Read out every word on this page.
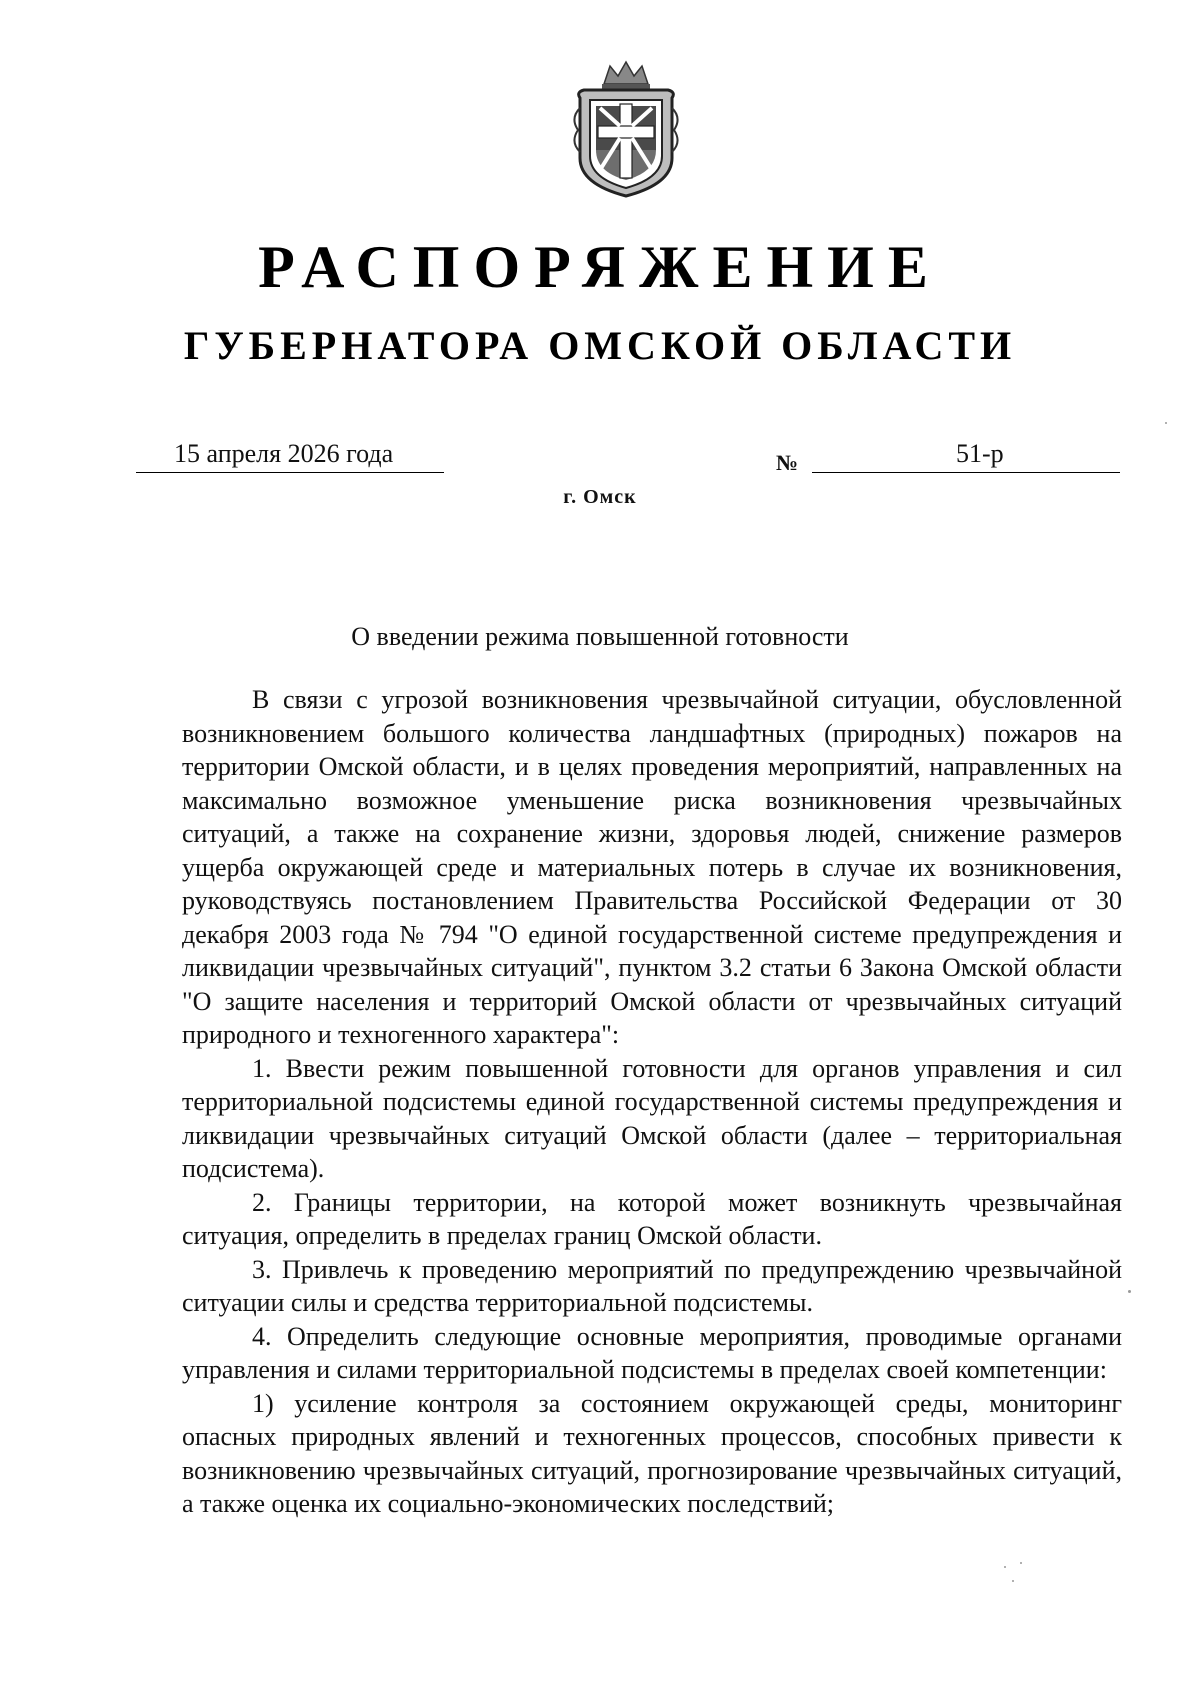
РАСПОРЯЖЕНИЕ
ГУБЕРНАТОРА ОМСКОЙ ОБЛАСТИ
15 апреля 2026 года	№	51-р
г. Омск
О введении режима повышенной готовности

В связи с угрозой возникновения чрезвычайной ситуации, обусловленной возникновением большого количества ландшафтных (природных) пожаров на территории Омской области, и в целях проведения мероприятий, направленных на максимально возможное уменьшение риска возникновения чрезвычайных ситуаций, а также на сохранение жизни, здоровья людей, снижение размеров ущерба окружающей среде и материальных потерь в случае их возникновения, руководствуясь постановлением Правительства Российской Федерации от 30 декабря 2003 года № 794 "О единой государственной системе предупреждения и ликвидации чрезвычайных ситуаций", пунктом 3.2 статьи 6 Закона Омской области "О защите населения и территорий Омской области от чрезвычайных ситуаций природного и техногенного характера":

1. Ввести режим повышенной готовности для органов управления и сил территориальной подсистемы единой государственной системы предупреждения и ликвидации чрезвычайных ситуаций Омской области (далее – территориальная подсистема).

2. Границы территории, на которой может возникнуть чрезвычайная ситуация, определить в пределах границ Омской области.

3. Привлечь к проведению мероприятий по предупреждению чрезвычайной ситуации силы и средства территориальной подсистемы.

4. Определить следующие основные мероприятия, проводимые органами управления и силами территориальной подсистемы в пределах своей компетенции:

1) усиление контроля за состоянием окружающей среды, мониторинг опасных природных явлений и техногенных процессов, способных привести к возникновению чрезвычайных ситуаций, прогнозирование чрезвычайных ситуаций, а также оценка их социально-экономических последствий;
